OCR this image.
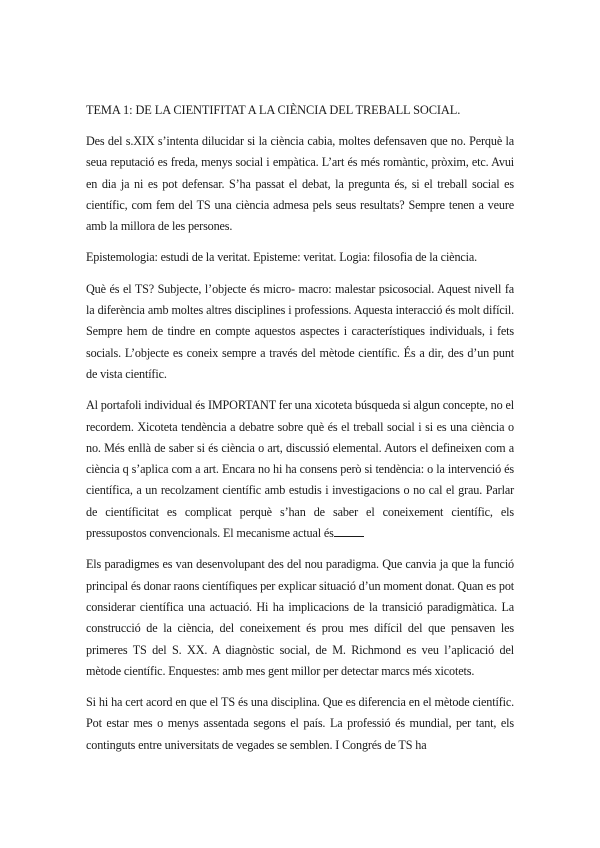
TEMA 1: DE LA CIENTIFITAT A LA CIÈNCIA DEL TREBALL SOCIAL.

Des del s.XIX s’intenta dilucidar si la ciència cabia, moltes defensaven que no. Perquè la seua reputació es freda, menys social i empàtica. L’art és més romàntic, pròxim, etc. Avui en dia ja ni es pot defensar. S’ha passat el debat, la pregunta és, si el treball social es científic, com fem del TS una ciència admesa pels seus resultats? Sempre tenen a veure amb la millora de les persones.

Epistemologia: estudi de la veritat. Episteme: veritat. Logia: filosofia de la ciència.

Què és el TS? Subjecte, l’objecte és micro- macro: malestar psicosocial. Aquest nivell fa la diferència amb moltes altres disciplines i professions. Aquesta interacció és molt difícil. Sempre hem de tindre en compte aquestos aspectes i característiques individuals, i fets socials. L’objecte es coneix sempre a través del mètode científic. És a dir, des d’un punt de vista científic.

Al portafoli individual és IMPORTANT fer una xicoteta búsqueda si algun concepte, no el recordem. Xicoteta tendència a debatre sobre què és el treball social i si es una ciència o no. Més enllà de saber si és ciència o art, discussió elemental. Autors el defineixen com a ciència q s’aplica com a art. Encara no hi ha consens però si tendència: o la intervenció és científica, a un recolzament científic amb estudis i investigacions o no cal el grau. Parlar de científicitat es complicat perquè s’han de saber el coneixement científic, els pressupostos convencionals. El mecanisme actual és

Els paradigmes es van desenvolupant des del nou paradigma. Que canvia ja que la funció principal és donar raons científiques per explicar situació d’un moment donat. Quan es pot considerar científica una actuació. Hi ha implicacions de la transició paradigmàtica. La construcció de la ciència, del coneixement és prou mes difícil del que pensaven les primeres TS del S. XX. A diagnòstic social, de M. Richmond es veu l’aplicació del mètode científic. Enquestes: amb mes gent millor per detectar marcs més xicotets.

Si hi ha cert acord en que el TS és una disciplina. Que es diferencia en el mètode científic. Pot estar mes o menys assentada segons el país. La professió és mundial, per tant, els continguts entre universitats de vegades se semblen. I Congrés de TS ha
